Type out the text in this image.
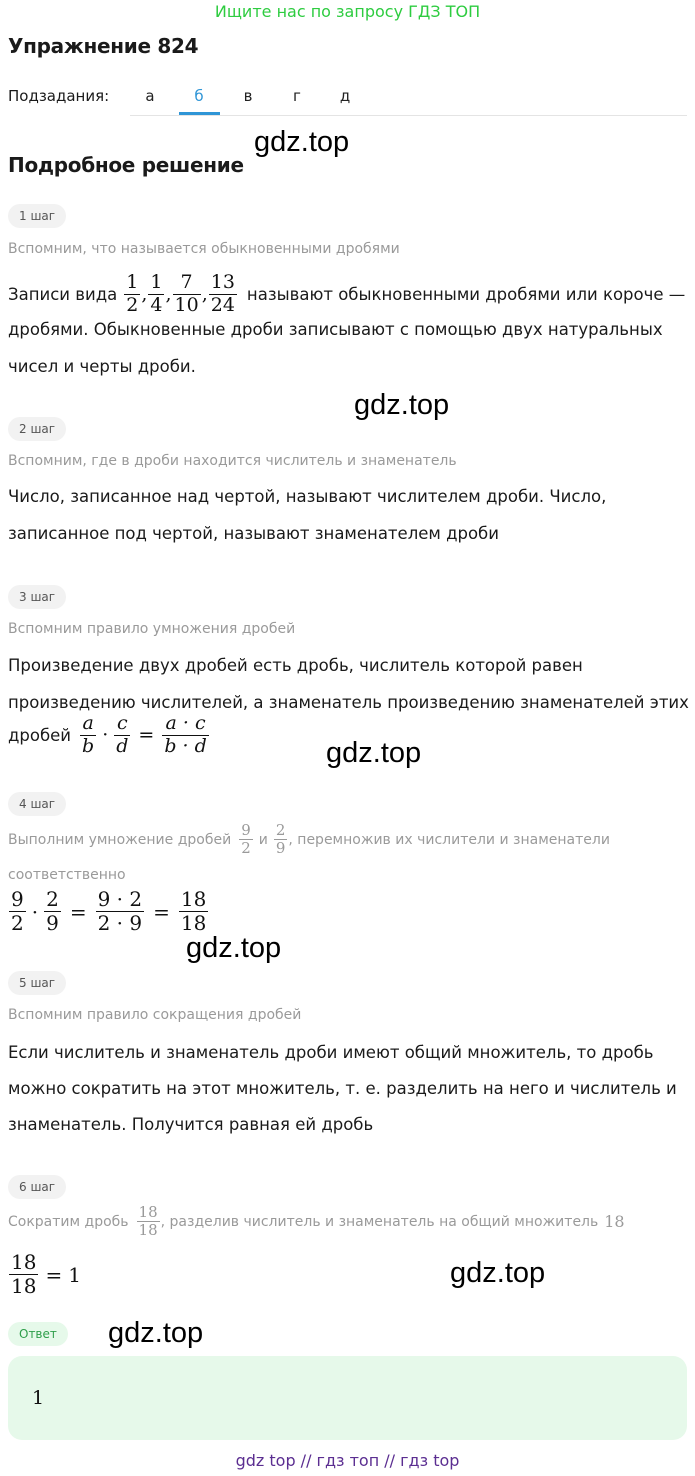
Ищите нас по запросу ГДЗ ТОП
Упражнение 824
Подзадания:	а	б	в	г	д
Подробное решение
gdz.top
gdz.top
gdz.top
gdz.top
gdz.top
gdz.top
1 шаг
Вспомним, что называется обыкновенными дробями
Записи вида $\frac{1}{2}$ , $\frac{1}{4}$ , $\frac{7}{10}$ , $\frac{13}{24}$ называют обыкновенными дробями или короче —
дробями. Обыкновенные дроби записывают с помощью двух натуральных
чисел и черты дроби.
2 шаг
Вспомним, где в дроби находится числитель и знаменатель
Число, записанное над чертой, называют числителем дроби. Число,
записанное под чертой, называют знаменателем дроби
3 шаг
Вспомним правило умножения дробей
Произведение двух дробей есть дробь, числитель которой равен
произведению числителей, а знаменатель произведению знаменателей этих
дробей $\frac{a}{b} \cdot \frac{c}{d} = \frac{a \cdot c}{b \cdot d}$
4 шаг
Выполним умножение дробей $\frac{9}{2}$ и $\frac{2}{9}$ , перемножив их числители и знаменатели
соответственно
$\frac{9}{2} \cdot \frac{2}{9} = \frac{9 \cdot 2}{2 \cdot 9} = \frac{18}{18}$
5 шаг
Вспомним правило сокращения дробей
Если числитель и знаменатель дроби имеют общий множитель, то дробь
можно сократить на этот множитель, т. е. разделить на него и числитель и
знаменатель. Получится равная ей дробь
6 шаг
Сократим дробь $\frac{18}{18}$ , разделив числитель и знаменатель на общий множитель 18
$\frac{18}{18} = 1$
Ответ
1
gdz top // гдз топ // гдз top
